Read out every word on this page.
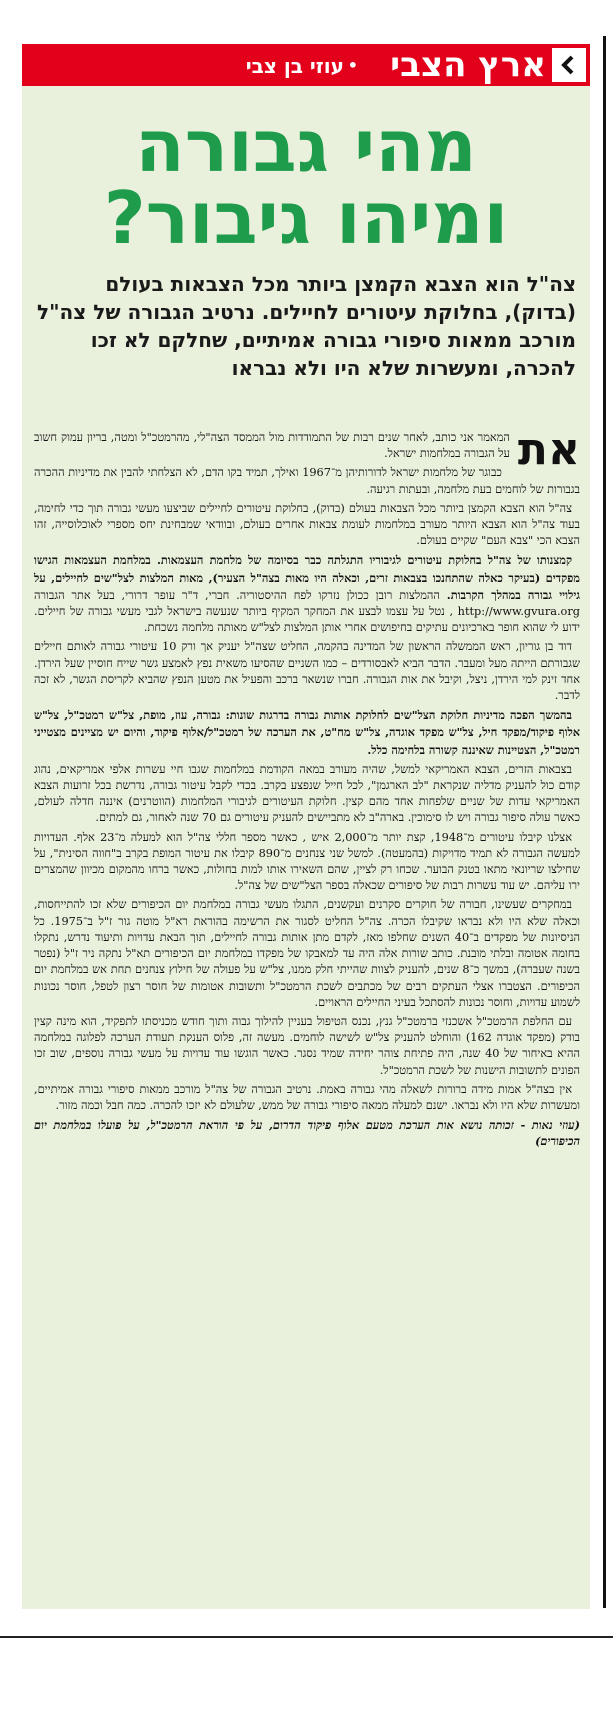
ארץ הצבי
•
עוזי בן צבי
מהי גבורה
ומיהו גיבור?

צה"ל הוא הצבא הקמצן ביותר מכל הצבאות בעולם (בדוק), בחלוקת עיטורים לחיילים. נרטיב הגבורה של צה"ל מורכב ממאות סיפורי גבורה אמיתיים, שחלקם לא זכו להכרה, ומעשרות שלא היו ולא נבראו

את
המאמר אני כותב, לאחר שנים רבות של התמודדות מול הממסד הצה"לי, מהרמטכ"ל ומטה, בריון עמוק חשוב על הגבורה במלחמות ישראל.

כבוגר של מלחמות ישראל לדורותיהן מ־1967 ואילך, תמיד בקו הדם, לא הצלחתי להבין את מדיניות ההכרה בגבורות של לוחמים בעת מלחמה, ובעתות רגיעה.

צה"ל הוא הצבא הקמצן ביותר מכל הצבאות בעולם (בדוק), בחלוקת עיטורים לחיילים שביצעו מעשי גבורה תוך כדי לחימה, בעוד צה"ל הוא הצבא היותר מעורב במלחמות לעומת צבאות אחרים בעולם, ובוודאי שמבחינת יחס מספרי לאוכלוסייה, זהו הצבא הכי "צבא העם" שקיים בעולם.

קמצנותו של צה"ל בחלוקת עיטורים לגיבוריו התגלתה כבר בסיומה של מלחמת העצמאות. במלחמת העצמאות הגישו מפקדים (בעיקר כאלה שהתחנכו בצבאות זרים, וכאלה היו מאות בצה"ל הצעיר), מאות המלצות לצל"שים לחיילים, על גילויי גבורה במהלך הקרבות. ההמלצות רובן ככולן נזרקו לפח ההיסטוריה. חברי, ד"ר עופר דרורי, בעל אתר הגבורה http://www.gvura.org , נטל על עצמו לבצע את המחקר המקיף ביותר שנעשה בישראל לגבי מעשי גבורה של חיילים. ידוע לי שהוא חופר בארכיונים עתיקים בחיפושים אחרי אותן המלצות לצל"ש מאותה מלחמה נשכחת.

דוד בן גוריון, ראש הממשלה הראשון של המדינה בהקמה, החליט שצה"ל יעניק אך ורק 10 עיטורי גבורה לאותם חיילים שגבורתם הייתה מעל ומעבר. הדבר הביא לאבסורדים – כמו השניים שהסיעו משאית נפץ לאמצע גשר שייח חוסיין שעל הירדן. אחד זינק למי הירדן, ניצל, וקיבל את אות הגבורה. חברו שנשאר ברכב והפעיל את מטען הנפץ שהביא לקריסת הגשר, לא זכה לדבר.

בהמשך הפכה מדיניות חלוקת הצל"שים לחלוקת אותות גבורה בדרגות שונות: גבורה, עוז, מופת, צל"ש רמטכ"ל, צל"ש אלוף פיקוד/מפקד חיל, צל"ש מפקד אוגדה, צל"ש מח"ט, את הערכה של רמטכ"ל/אלוף פיקוד, והיום יש מציינים מצטייני רמטכ"ל, הצטיינות שאיננה קשורה בלחימה כלל.

בצבאות הזרים, הצבא האמריקאי למשל, שהיה מעורב במאה הקודמת במלחמות שגבו חיי עשרות אלפי אמריקאים, נהוג קודם כול להעניק מדליה שנקראת "לב הארגמן", לכל חייל שנפצע בקרב. בכדי לקבל עיטור גבורה, נדרשת בכל זרועות הצבא האמריקאי עדות של שניים שלפחות אחד מהם קצין. חלוקת העיטורים לגיבורי המלחמות (הווטרנים) איננה חדלה לעולם, כאשר עולה סיפור גבורה ויש לו סימוכין. בארה"ב לא מתביישים להעניק עיטורים גם 70 שנה לאחור, גם למתים.

אצלנו קיבלו עיטורים מ־1948, קצת יותר מ־2,000 איש , כאשר מספר חללי צה"ל הוא למעלה מ־23 אלף. העדויות למעשה הגבורה לא תמיד מדויקות (בהמעטה). למשל שני צנחנים מ־890 קיבלו את עיטור המופת בקרב ב"חווה הסינית", על שחילצו שריונאי מתאו בטנק הבוער. שכחו רק לציין, שהם השאירו אותו למות בחולות, כאשר ברחו מהמקום מכיוון שהמצרים ירו עליהם. יש עוד עשרות רבות של סיפורים שכאלה בספר הצל"שים של צה"ל.

במחקרים שעשינו, חבורה של חוקרים סקרנים ועקשנים, התגלו מעשי גבורה במלחמת יום הכיפורים שלא זכו להתייחסות, וכאלה שלא היו ולא נבראו שקיבלו הכרה. צה"ל החליט לסגור את הרשימה בהוראת רא"ל מוטה גור ז"ל ב־1975. כל הניסיונות של מפקדים ב־40 השנים שחלפו מאז, לקדם מתן אותות גבורה לחיילים, תוך הבאת עדויות ותיעוד נדרש, נתקלו בחומה אטומה ובלתי מובנת. כותב שורות אלה היה עד למאבקו של מפקדו במלחמת יום הכיפורים תא"ל נתקה ניר ז"ל (נפטר בשנה שעברה), במשך כ־8 שנים, להעניק לצוות שהייתי חלק ממנו, צל"ש על פעולה של חילוץ צנחנים תחת אש במלחמת יום הכיפורים. הצטברו אצלי העתקים רבים של מכתבים לשכת הרמטכ"ל ותשובות אטומות של חוסר רצון לטפל, חוסר נכונות לשמוע עדויות, וחוסר נכונות להסתכל בעיני החיילים הראויים.

עם החלפת הרמטכ"ל אשכנזי ברמטכ"ל גנץ, נכנס הטיפול בעניין להילוך גבוה ותוך חודש מכניסתו לתפקיד, הוא מינה קצין בודק (מפקד אוגדה 162) והוחלט להעניק צל"ש לשישה לוחמים. מעשה זה, פלוס הענקת תעודת הערכה לפלוגה במלחמה ההיא באיחור של 40 שנה, היה פתיחת צוהר יחידה שמיד נסגר. כאשר הוגשו עוד עדויות על מעשי גבורה נוספים, שוב זכו הפונים לתשובות הישנות של לשכת הרמטכ"ל.

אין בצה"ל אמות מידה ברורות לשאלה מהי גבורה באמת. נרטיב הגבורה של צה"ל מורכב ממאות סיפורי גבורה אמיתיים, ומעשרות שלא היו ולא נבראו. ישנם למעלה ממאה סיפורי גבורה של ממש, שלעולם לא יזכו להכרה. כמה חבל וכמה מזור.

(עוזי נאות - זכותה נושא אות הערכת מטעם אלוף פיקוד הדרום, על פי הוראת הרמטכ"ל, על פועלו במלחמת יום הכיפורים)
